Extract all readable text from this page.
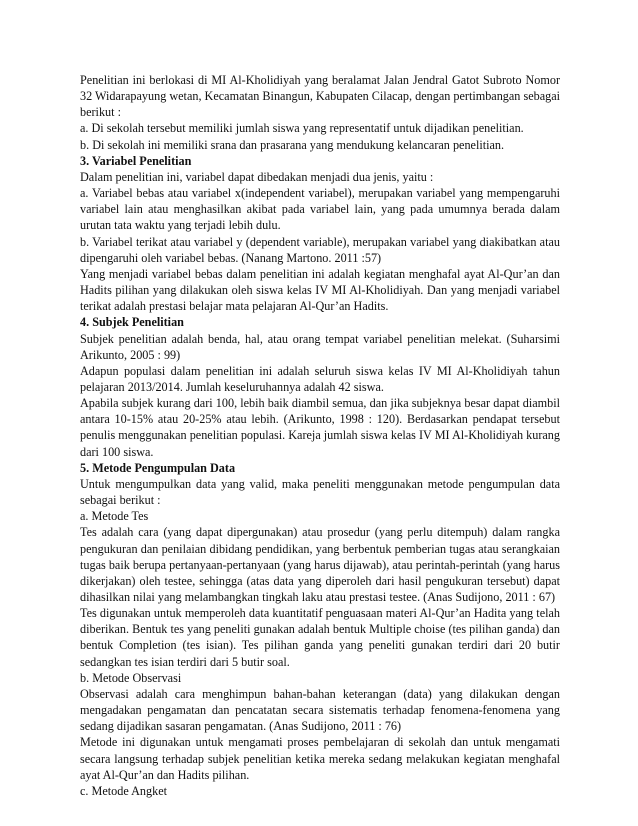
Penelitian ini berlokasi di MI Al-Kholidiyah yang beralamat Jalan Jendral Gatot Subroto Nomor 32 Widarapayung wetan, Kecamatan Binangun, Kabupaten Cilacap, dengan pertimbangan sebagai berikut :

a. Di sekolah tersebut memiliki jumlah siswa yang representatif untuk dijadikan penelitian.

b. Di sekolah ini memiliki srana dan prasarana yang mendukung kelancaran penelitian.

3. Variabel Penelitian

Dalam penelitian ini, variabel dapat dibedakan menjadi dua jenis, yaitu :

a. Variabel bebas atau variabel x(independent variabel), merupakan variabel yang mempengaruhi variabel lain atau menghasilkan akibat pada variabel lain, yang pada umumnya berada dalam urutan tata waktu yang terjadi lebih dulu.

b. Variabel terikat atau variabel y (dependent variable), merupakan variabel yang diakibatkan atau dipengaruhi oleh variabel bebas. (Nanang Martono. 2011 :57)

Yang menjadi variabel bebas dalam penelitian ini adalah kegiatan menghafal ayat Al-Qur’an dan Hadits pilihan yang dilakukan oleh siswa kelas IV MI Al-Kholidiyah. Dan yang menjadi variabel terikat adalah prestasi belajar mata pelajaran Al-Qur’an Hadits.

4. Subjek Penelitian

Subjek penelitian adalah benda, hal, atau orang tempat variabel penelitian melekat. (Suharsimi Arikunto, 2005 : 99)

Adapun populasi dalam penelitian ini adalah seluruh siswa kelas IV MI Al-Kholidiyah tahun pelajaran 2013/2014. Jumlah keseluruhannya adalah 42 siswa.

Apabila subjek kurang dari 100, lebih baik diambil semua, dan jika subjeknya besar dapat diambil antara 10-15% atau 20-25% atau lebih. (Arikunto, 1998 : 120). Berdasarkan pendapat tersebut penulis menggunakan penelitian populasi. Kareja jumlah siswa kelas IV MI Al-Kholidiyah kurang dari 100 siswa.

5. Metode Pengumpulan Data

Untuk mengumpulkan data yang valid, maka peneliti menggunakan metode pengumpulan data sebagai berikut :

a. Metode Tes

Tes adalah cara (yang dapat dipergunakan) atau prosedur (yang perlu ditempuh) dalam rangka pengukuran dan penilaian dibidang pendidikan, yang berbentuk pemberian tugas atau serangkaian tugas baik berupa pertanyaan-pertanyaan (yang harus dijawab), atau perintah-perintah (yang harus dikerjakan) oleh testee, sehingga (atas data yang diperoleh dari hasil pengukuran tersebut) dapat dihasilkan nilai yang melambangkan tingkah laku atau prestasi testee. (Anas Sudijono, 2011 : 67)

Tes digunakan untuk memperoleh data kuantitatif penguasaan materi Al-Qur’an Hadita yang telah diberikan. Bentuk tes yang peneliti gunakan adalah bentuk Multiple choise (tes pilihan ganda) dan bentuk Completion (tes isian). Tes pilihan ganda yang peneliti gunakan terdiri dari 20 butir sedangkan tes isian terdiri dari 5 butir soal.

b. Metode Observasi

Observasi adalah cara menghimpun bahan-bahan keterangan (data) yang dilakukan dengan mengadakan pengamatan dan pencatatan secara sistematis terhadap fenomena-fenomena yang sedang dijadikan sasaran pengamatan. (Anas Sudijono, 2011 : 76)

Metode ini digunakan untuk mengamati proses pembelajaran di sekolah dan untuk mengamati secara langsung terhadap subjek penelitian ketika mereka sedang melakukan kegiatan menghafal ayat Al-Qur’an dan Hadits pilihan.

c. Metode Angket
